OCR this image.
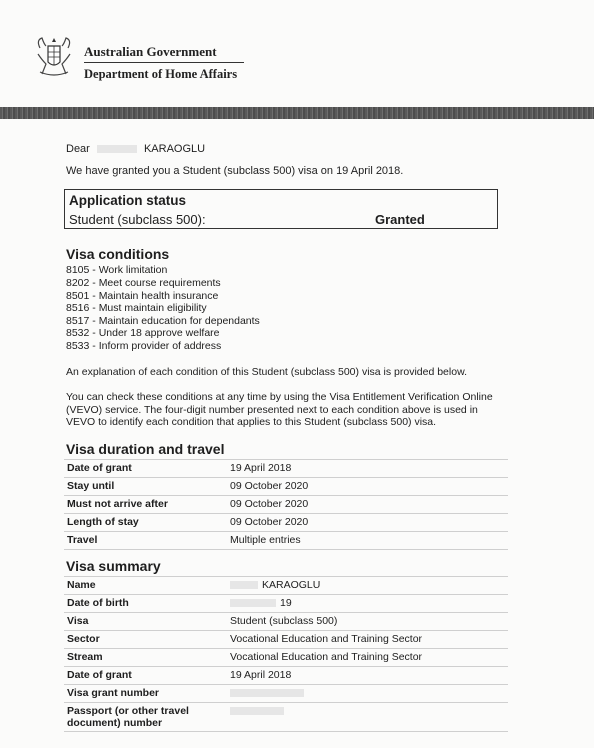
Australian Government
Department of Home Affairs
Dear	KARAOGLU
We have granted you a Student (subclass 500) visa on 19 April 2018.
Application status
Student (subclass 500):	Granted
Visa conditions
8105 - Work limitation
8202 - Meet course requirements
8501 - Maintain health insurance
8516 - Must maintain eligibility
8517 - Maintain education for dependants
8532 - Under 18 approve welfare
8533 - Inform provider of address
An explanation of each condition of this Student (subclass 500) visa is provided below.
You can check these conditions at any time by using the Visa Entitlement Verification Online
(VEVO) service. The four-digit number presented next to each condition above is used in
VEVO to identify each condition that applies to this Student (subclass 500) visa.
Visa duration and travel
Date of grant	19 April 2018
Stay until	09 October 2020
Must not arrive after	09 October 2020
Length of stay	09 October 2020
Travel	Multiple entries
Visa summary
Name	KARAOGLU
Date of birth	19
Visa	Student (subclass 500)
Sector	Vocational Education and Training Sector
Stream	Vocational Education and Training Sector
Date of grant	19 April 2018
Visa grant number
Passport (or other travel
document) number
